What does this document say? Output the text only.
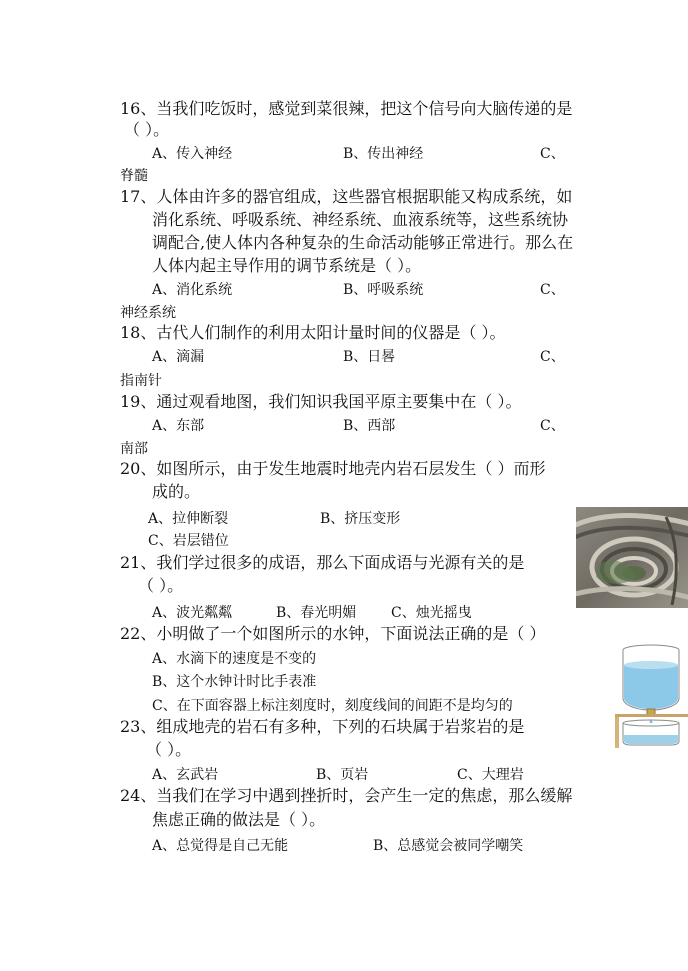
16、当我们吃饭时，感觉到菜很辣，把这个信号向大脑传递的是
（ ）。
A、传入神经	B、传出神经	C、
脊髓
17、人体由许多的器官组成，这些器官根据职能又构成系统，如
消化系统、呼吸系统、神经系统、血液系统等，这些系统协
调配合,使人体内各种复杂的生命活动能够正常进行。那么在
人体内起主导作用的调节系统是（ ）。
A、消化系统	B、呼吸系统	C、
神经系统
18、古代人们制作的利用太阳计量时间的仪器是（ ）。
A、滴漏	B、日晷	C、
指南针
19、通过观看地图，我们知识我国平原主要集中在（ ）。
A、东部	B、西部	C、
南部
20、如图所示，由于发生地震时地壳内岩石层发生（ ）而形
成的。
A、拉伸断裂	B、挤压变形
C、岩层错位
21、我们学过很多的成语，那么下面成语与光源有关的是
（ ）。
A、波光粼粼	B、春光明媚 C、烛光摇曳
22、小明做了一个如图所示的水钟，下面说法正确的是（ ）
A、水滴下的速度是不变的
B、这个水钟计时比手表准
C、在下面容器上标注刻度时，刻度线间的间距不是均匀的
23、组成地壳的岩石有多种，下列的石块属于岩浆岩的是
（ ）。
A、玄武岩	B、页岩	C、大理岩
24、当我们在学习中遇到挫折时，会产生一定的焦虑，那么缓解
焦虑正确的做法是（ ）。
A、总觉得是自己无能	B、总感觉会被同学嘲笑
